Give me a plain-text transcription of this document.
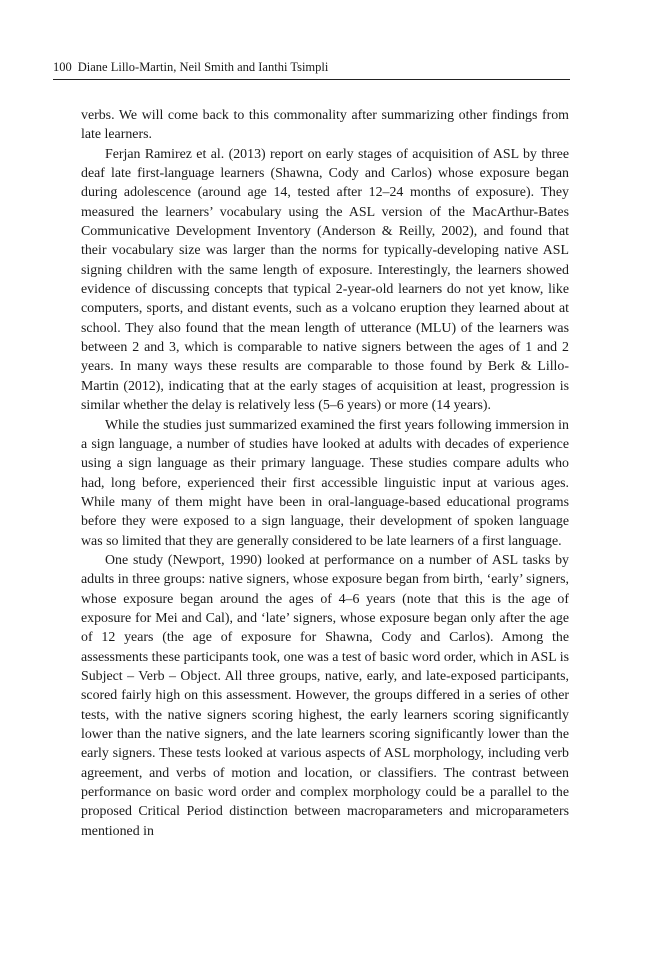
100 Diane Lillo-Martin, Neil Smith and Ianthi Tsimpli

verbs. We will come back to this commonality after summarizing other findings from late learners.

Ferjan Ramirez et al. (2013) report on early stages of acquisition of ASL by three deaf late first-language learners (Shawna, Cody and Carlos) whose exposure began during adolescence (around age 14, tested after 12–24 months of exposure). They measured the learners’ vocabulary using the ASL version of the MacArthur-Bates Communicative Development Inventory (Anderson & Reilly, 2002), and found that their vocabulary size was larger than the norms for typically-developing native ASL signing children with the same length of exposure. Interestingly, the learners showed evidence of discussing concepts that typical 2-year-old learners do not yet know, like computers, sports, and distant events, such as a volcano eruption they learned about at school. They also found that the mean length of utterance (MLU) of the learners was between 2 and 3, which is comparable to native signers between the ages of 1 and 2 years. In many ways these results are comparable to those found by Berk & Lillo-Martin (2012), indicating that at the early stages of acquisition at least, progression is similar whether the delay is relatively less (5–6 years) or more (14 years).

While the studies just summarized examined the first years following immersion in a sign language, a number of studies have looked at adults with decades of experience using a sign language as their primary language. These studies compare adults who had, long before, experienced their first accessible linguistic input at various ages. While many of them might have been in oral-language-based educational programs before they were exposed to a sign language, their development of spoken language was so limited that they are generally considered to be late learners of a first language.

One study (Newport, 1990) looked at performance on a number of ASL tasks by adults in three groups: native signers, whose exposure began from birth, ‘early’ signers, whose exposure began around the ages of 4–6 years (note that this is the age of exposure for Mei and Cal), and ‘late’ signers, whose exposure began only after the age of 12 years (the age of exposure for Shawna, Cody and Carlos). Among the assessments these participants took, one was a test of basic word order, which in ASL is Subject – Verb – Object. All three groups, native, early, and late-exposed participants, scored fairly high on this assessment. However, the groups differed in a series of other tests, with the native signers scoring highest, the early learners scoring significantly lower than the native signers, and the late learners scoring significantly lower than the early signers. These tests looked at various aspects of ASL morphology, including verb agreement, and verbs of motion and location, or classifiers. The contrast between performance on basic word order and complex morphology could be a parallel to the proposed Critical Period distinction between macroparameters and microparameters mentioned in
